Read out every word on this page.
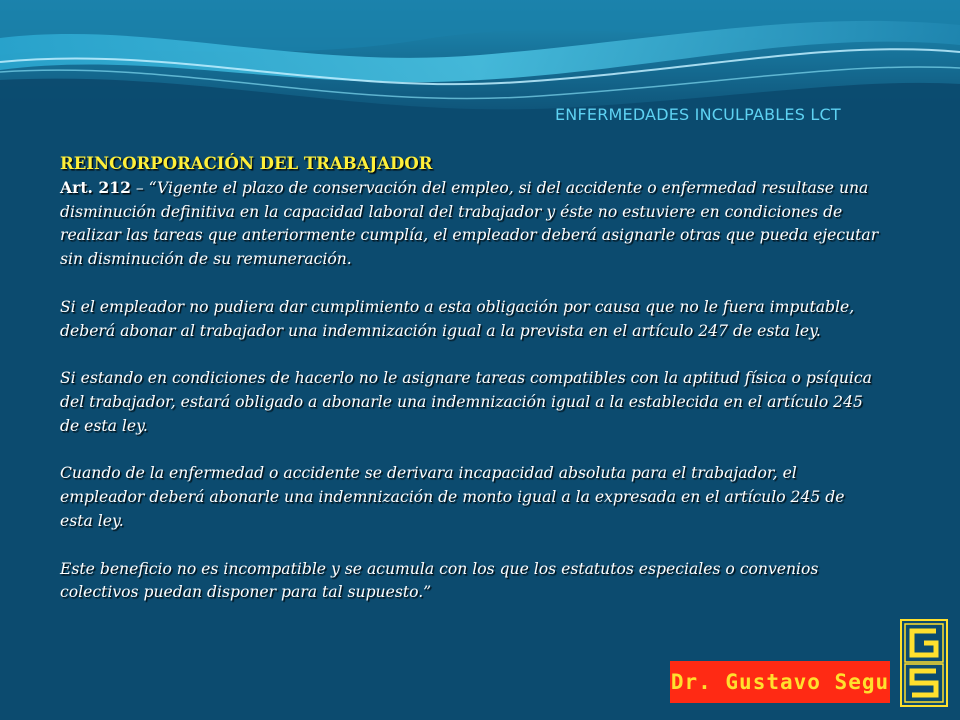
ENFERMEDADES INCULPABLES LCT

REINCORPORACIÓN DEL TRABAJADOR

Art. 212 – “Vigente el plazo de conservación del empleo, si del accidente o enfermedad resultase una disminución definitiva en la capacidad laboral del trabajador y éste no estuviere en condiciones de realizar las tareas que anteriormente cumplía, el empleador deberá asignarle otras que pueda ejecutar sin disminución de su remuneración.

Si el empleador no pudiera dar cumplimiento a esta obligación por causa que no le fuera imputable, deberá abonar al trabajador una indemnización igual a la prevista en el artículo 247 de esta ley.

Si estando en condiciones de hacerlo no le asignare tareas compatibles con la aptitud física o psíquica del trabajador, estará obligado a abonarle una indemnización igual a la establecida en el artículo 245 de esta ley.

Cuando de la enfermedad o accidente se derivara incapacidad absoluta para el trabajador, el empleador deberá abonarle una indemnización de monto igual a la expresada en el artículo 245 de esta ley.

Este beneficio no es incompatible y se acumula con los que los estatutos especiales o convenios colectivos puedan disponer para tal supuesto.”

Dr. Gustavo Segu
